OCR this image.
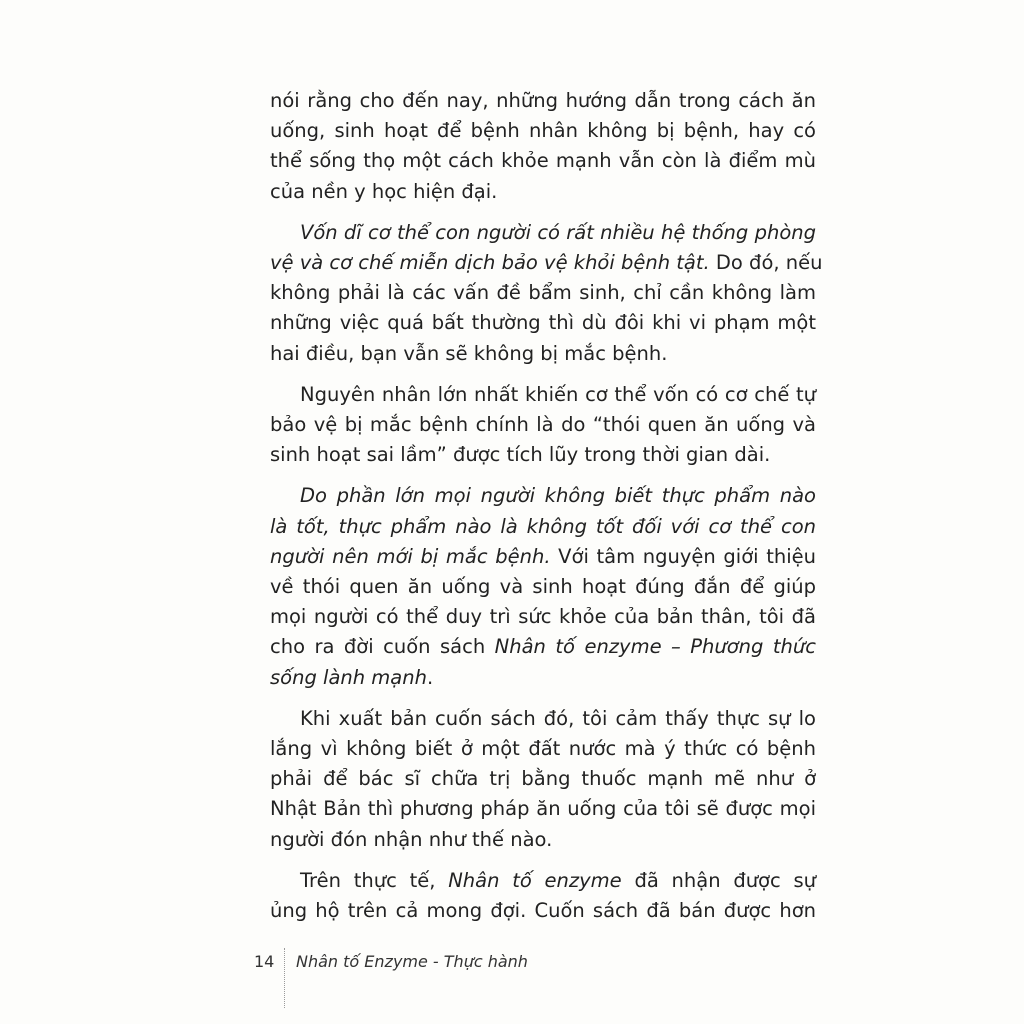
nói rằng cho đến nay, những hướng dẫn trong cách ăn
uống, sinh hoạt để bệnh nhân không bị bệnh, hay có
thể sống thọ một cách khỏe mạnh vẫn còn là điểm mù
của nền y học hiện đại.

Vốn dĩ cơ thể con người có rất nhiều hệ thống phòng
vệ và cơ chế miễn dịch bảo vệ khỏi bệnh tật. Do đó, nếu
không phải là các vấn đề bẩm sinh, chỉ cần không làm
những việc quá bất thường thì dù đôi khi vi phạm một
hai điều, bạn vẫn sẽ không bị mắc bệnh.

Nguyên nhân lớn nhất khiến cơ thể vốn có cơ chế tự
bảo vệ bị mắc bệnh chính là do “thói quen ăn uống và
sinh hoạt sai lầm” được tích lũy trong thời gian dài.

Do phần lớn mọi người không biết thực phẩm nào
là tốt, thực phẩm nào là không tốt đối với cơ thể con
người nên mới bị mắc bệnh. Với tâm nguyện giới thiệu
về thói quen ăn uống và sinh hoạt đúng đắn để giúp
mọi người có thể duy trì sức khỏe của bản thân, tôi đã
cho ra đời cuốn sách Nhân tố enzyme – Phương thức
sống lành mạnh.

Khi xuất bản cuốn sách đó, tôi cảm thấy thực sự lo
lắng vì không biết ở một đất nước mà ý thức có bệnh
phải để bác sĩ chữa trị bằng thuốc mạnh mẽ như ở
Nhật Bản thì phương pháp ăn uống của tôi sẽ được mọi
người đón nhận như thế nào.

Trên thực tế, Nhân tố enzyme đã nhận được sự
ủng hộ trên cả mong đợi. Cuốn sách đã bán được hơn

14 Nhân tố Enzyme - Thực hành
